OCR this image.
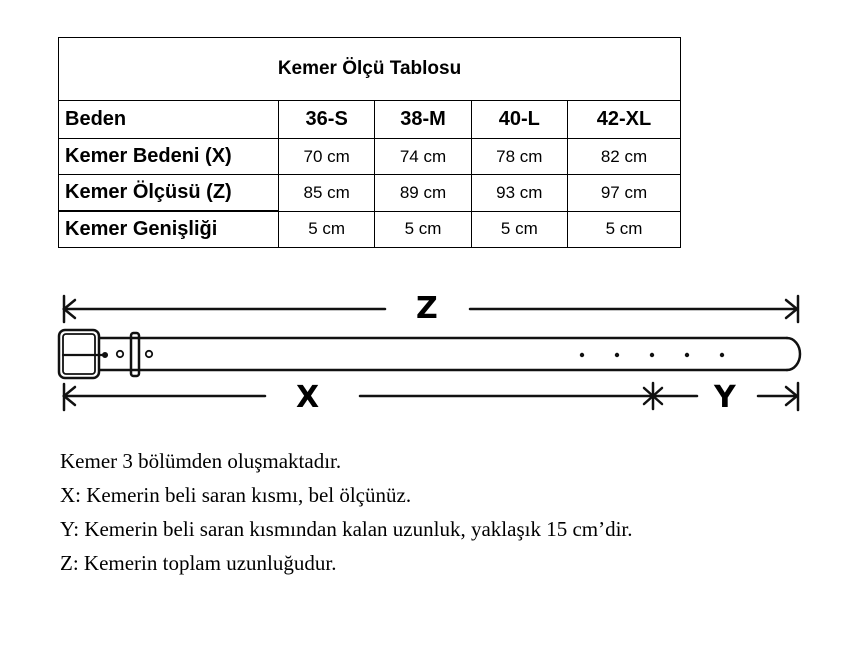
Kemer Ölçü Tablosu				
Beden	36-S	38-M	40-L	42-XL
Kemer Bedeni (X)	70 cm	74 cm	78 cm	82 cm
Kemer Ölçüsü (Z)	85 cm	89 cm	93 cm	97 cm
Kemer Genişliği	5 cm	5 cm	5 cm	5 cm
Z
X	Y

Kemer 3 bölümden oluşmaktadır.

X: Kemerin beli saran kısmı, bel ölçünüz.

Y: Kemerin beli saran kısmından kalan uzunluk, yaklaşık 15 cm’dir.

Z: Kemerin toplam uzunluğudur.
